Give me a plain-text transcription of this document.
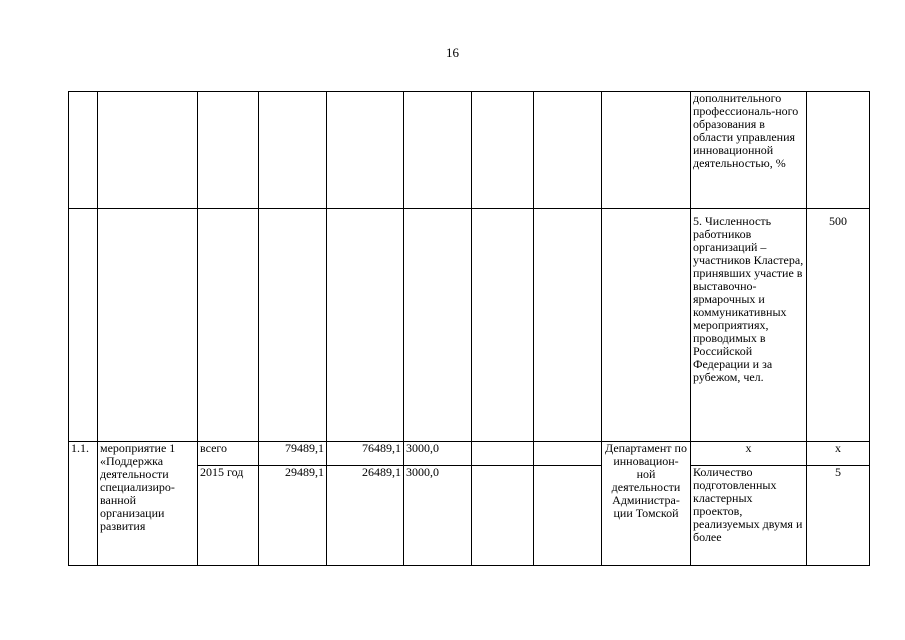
16
									дополнительного профессиональ-ного образования в области управления инновационной деятельностью, %	
									5. Численность работников организаций – участников Кластера, принявших участие в выставочно-ярмарочных и коммуникативных мероприятиях, проводимых в Российской Федерации и за рубежом, чел.	500
1.1.	мероприятие 1 «Поддержка деятельности специализиро-ванной организации развития	всего	79489,1	76489,1	3000,0			Департамент по инновацион-ной деятельности Администра-ции Томской	х	х
		2015 год	29489,1	26489,1	3000,0				Количество подготовленных кластерных проектов, реализуемых двумя и более	5
